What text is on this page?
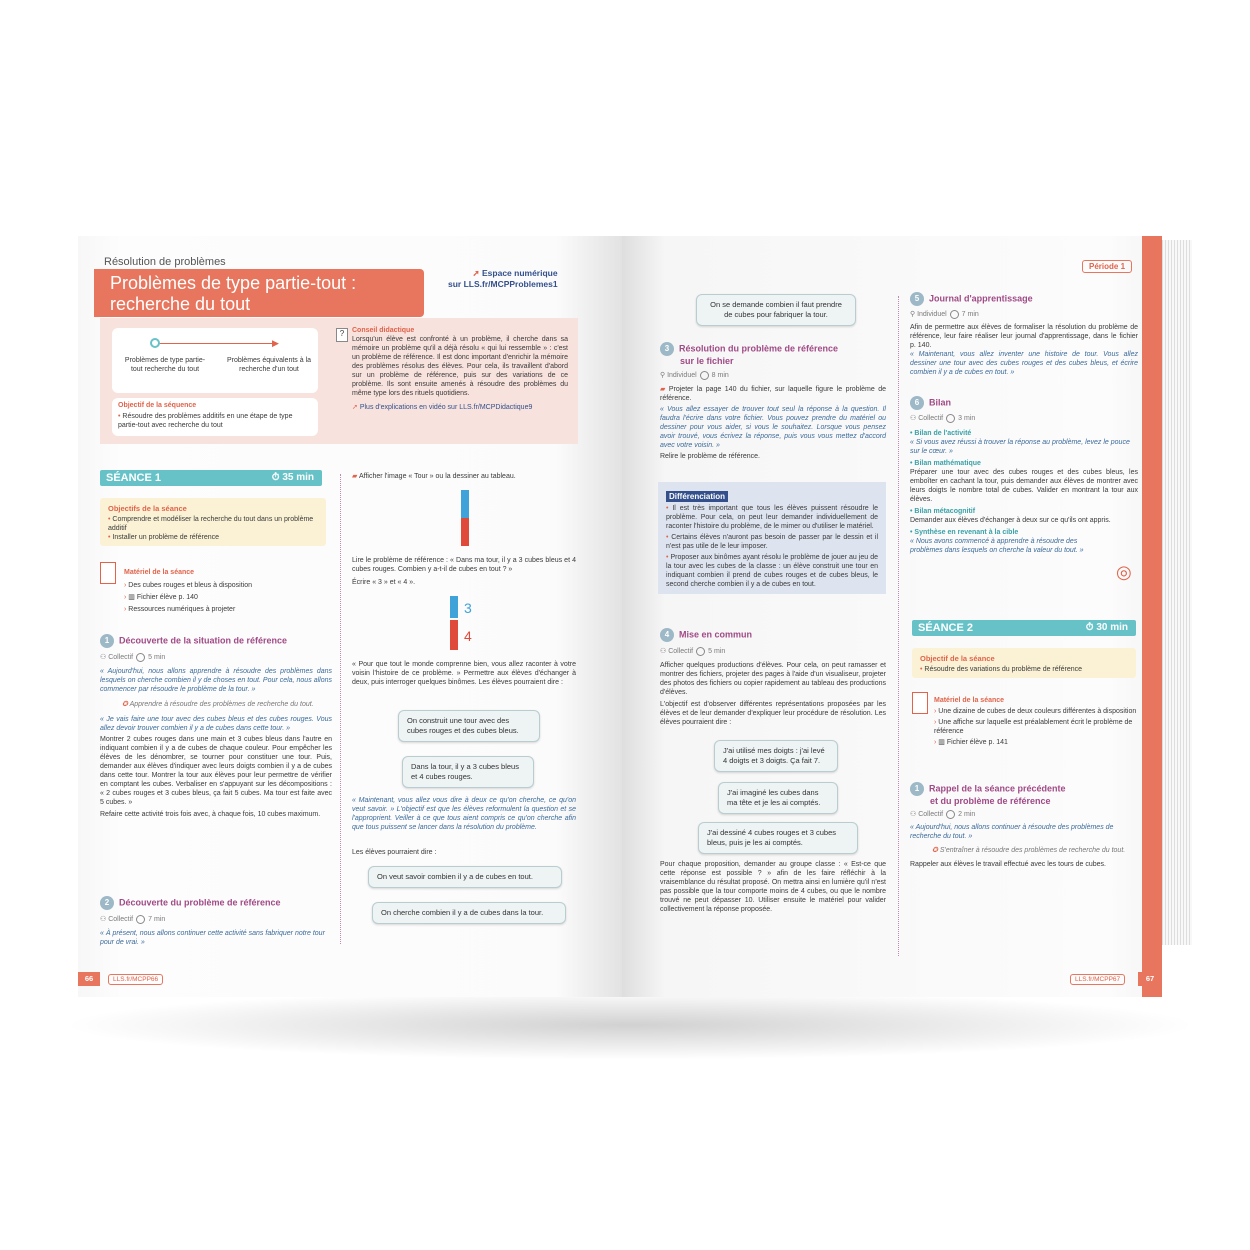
Résolution de problèmes
Problèmes de type partie-tout :
recherche du tout
➚ Espace numérique
sur LLS.fr/MCPProblemes1
▶
Problèmes de type partie-tout recherche du tout
Problèmes équivalents à la recherche d'un tout
Objectif de la séquence
• Résoudre des problèmes additifs en une étape de type partie-tout avec recherche du tout
?	Conseil didactique
Lorsqu'un élève est confronté à un problème, il cherche dans sa mémoire un problème qu'il a déjà résolu « qui lui ressemble » : c'est un problème de référence. Il est donc important d'enrichir la mémoire des problèmes résolus des élèves. Pour cela, ils travaillent d'abord sur un problème de référence, puis sur des variations de ce problème. Ils sont ensuite amenés à résoudre des problèmes du même type lors des rituels quotidiens.
➚ Plus d'explications en vidéo sur LLS.fr/MCPDidactique9
SÉANCE 1	⏱ 35 min
Objectifs de la séance
• Comprendre et modéliser la recherche du tout dans un problème additif
• Installer un problème de référence
Matériel de la séance
› Des cubes rouges et bleus à disposition
› ▥ Fichier élève p. 140
› Ressources numériques à projeter
1 Découverte de la situation de référence
⚇ Collectif 5 min
« Aujourd'hui, nous allons apprendre à résoudre des problèmes dans lesquels on cherche combien il y de choses en tout. Pour cela, nous allons commencer par résoudre le problème de la tour. »
✪ Apprendre à résoudre des problèmes de recherche du tout.
« Je vais faire une tour avec des cubes bleus et des cubes rouges. Vous allez devoir trouver combien il y a de cubes dans cette tour. »
Montrer 2 cubes rouges dans une main et 3 cubes bleus dans l'autre en indiquant combien il y a de cubes de chaque couleur. Pour empêcher les élèves de les dénombrer, se tourner pour constituer une tour. Puis, demander aux élèves d'indiquer avec leurs doigts combien il y a de cubes dans cette tour. Montrer la tour aux élèves pour leur permettre de vérifier en comptant les cubes. Verbaliser en s'appuyant sur les décompositions : « 2 cubes rouges et 3 cubes bleus, ça fait 5 cubes. Ma tour est faite avec 5 cubes. »
Refaire cette activité trois fois avec, à chaque fois, 10 cubes maximum.
2 Découverte du problème de référence
⚇ Collectif 7 min
« À présent, nous allons continuer cette activité sans fabriquer notre tour pour de vrai. »
▰ Afficher l'image « Tour » ou la dessiner au tableau.
Lire le problème de référence : « Dans ma tour, il y a 3 cubes bleus et 4 cubes rouges. Combien y a-t-il de cubes en tout ? »
Écrire « 3 » et « 4 ».
3
4
« Pour que tout le monde comprenne bien, vous allez raconter à votre voisin l'histoire de ce problème. » Permettre aux élèves d'échanger à deux, puis interroger quelques binômes. Les élèves pourraient dire :
On construit une tour avec des cubes rouges et des cubes bleus.
Dans la tour, il y a 3 cubes bleus et 4 cubes rouges.
« Maintenant, vous allez vous dire à deux ce qu'on cherche, ce qu'on veut savoir. » L'objectif est que les élèves reformulent la question et se l'approprient. Veiller à ce que tous aient compris ce qu'on cherche afin que tous puissent se lancer dans la résolution du problème.
Les élèves pourraient dire :
On veut savoir combien il y a de cubes en tout.
On cherche combien il y a de cubes dans la tour.
66	LLS.fr/MCPP66
Période 1
On se demande combien il faut prendre de cubes pour fabriquer la tour.
3 Résolution du problème de référence
sur le fichier
⚲ Individuel 8 min
▰ Projeter la page 140 du fichier, sur laquelle figure le problème de référence.
« Vous allez essayer de trouver tout seul la réponse à la question. Il faudra l'écrire dans votre fichier. Vous pouvez prendre du matériel ou dessiner pour vous aider, si vous le souhaitez. Lorsque vous pensez avoir trouvé, vous écrivez la réponse, puis vous vous mettez d'accord avec votre voisin. »
Relire le problème de référence.
Différenciation
• Il est très important que tous les élèves puissent résoudre le problème. Pour cela, on peut leur demander individuellement de raconter l'histoire du problème, de le mimer ou d'utiliser le matériel.
• Certains élèves n'auront pas besoin de passer par le dessin et il n'est pas utile de le leur imposer.
• Proposer aux binômes ayant résolu le problème de jouer au jeu de la tour avec les cubes de la classe : un élève construit une tour en indiquant combien il prend de cubes rouges et de cubes bleus, le second cherche combien il y a de cubes en tout.
4 Mise en commun
⚇ Collectif 5 min
Afficher quelques productions d'élèves. Pour cela, on peut ramasser et montrer des fichiers, projeter des pages à l'aide d'un visualiseur, projeter des photos des fichiers ou copier rapidement au tableau des productions d'élèves.
L'objectif est d'observer différentes représentations proposées par les élèves et de leur demander d'expliquer leur procédure de résolution. Les élèves pourraient dire :
J'ai utilisé mes doigts : j'ai levé 4 doigts et 3 doigts. Ça fait 7.
J'ai imaginé les cubes dans ma tête et je les ai comptés.
J'ai dessiné 4 cubes rouges et 3 cubes bleus, puis je les ai comptés.
Pour chaque proposition, demander au groupe classe : « Est-ce que cette réponse est possible ? » afin de les faire réfléchir à la vraisemblance du résultat proposé. On mettra ainsi en lumière qu'il n'est pas possible que la tour comporte moins de 4 cubes, ou que le nombre trouvé ne peut dépasser 10. Utiliser ensuite le matériel pour valider collectivement la réponse proposée.
5 Journal d'apprentissage
⚲ Individuel 7 min
Afin de permettre aux élèves de formaliser la résolution du problème de référence, leur faire réaliser leur journal d'apprentissage, dans le fichier p. 140.
« Maintenant, vous allez inventer une histoire de tour. Vous allez dessiner une tour avec des cubes rouges et des cubes bleus, et écrire combien il y a de cubes en tout. »
6 Bilan
⚇ Collectif 3 min
• Bilan de l'activité
« Si vous avez réussi à trouver la réponse au problème, levez le pouce sur le cœur. »
• Bilan mathématique
Préparer une tour avec des cubes rouges et des cubes bleus, les emboîter en cachant la tour, puis demander aux élèves de montrer avec leurs doigts le nombre total de cubes. Valider en montrant la tour aux élèves.
• Bilan métacognitif
Demander aux élèves d'échanger à deux sur ce qu'ils ont appris.
• Synthèse en revenant à la cible
« Nous avons commencé à apprendre à résoudre des problèmes dans lesquels on cherche la valeur du tout. »
◎
SÉANCE 2	⏱ 30 min
Objectif de la séance
• Résoudre des variations du problème de référence
Matériel de la séance
› Une dizaine de cubes de deux couleurs différentes à disposition
› Une affiche sur laquelle est préalablement écrit le problème de référence
› ▥ Fichier élève p. 141
1 Rappel de la séance précédente
et du problème de référence
⚇ Collectif 2 min
« Aujourd'hui, nous allons continuer à résoudre des problèmes de recherche du tout. »
✪ S'entraîner à résoudre des problèmes de recherche du tout.
Rappeler aux élèves le travail effectué avec les tours de cubes.
LLS.fr/MCPP67	67
